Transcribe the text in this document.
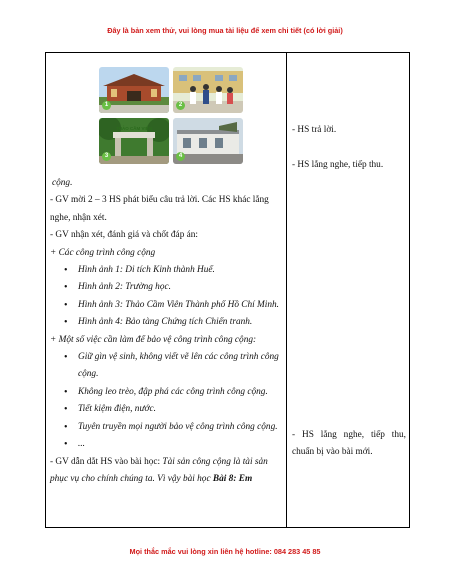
Đây là bản xem thử, vui lòng mua tài liệu để xem chi tiết (có lời giải)
1	2
THẢO CẦM VIÊN
3	4

cộng.

- GV mời 2 – 3 HS phát biểu câu trả lời. Các HS khác lắng nghe, nhận xét.

- GV nhận xét, đánh giá và chốt đáp án:

+ Các công trình công cộng

• Hình ảnh 1: Di tích Kinh thành Huế.
• Hình ảnh 2: Trường học.
• Hình ảnh 3: Thảo Cầm Viên Thành phố Hồ Chí Minh.
• Hình ảnh 4: Bảo tàng Chứng tích Chiến tranh.

+ Một số việc cần làm để bảo vệ công trình công cộng:

• Giữ gìn vệ sinh, không viết vẽ lên các công trình công cộng.
• Không leo trèo, đập phá các công trình công cộng.
• Tiết kiệm điện, nước.
• Tuyên truyền mọi người bảo vệ công trình công cộng.
• ...

- GV dẫn dắt HS vào bài học: Tài sản công cộng là tài sản phục vụ cho chính chúng ta. Vì vậy bài học Bài 8: Em

- HS trả lời.
- HS lắng nghe, tiếp thu.
- HS lắng nghe, tiếp thu, chuẩn bị vào bài mới.
Mọi thắc mắc vui lòng xin liên hệ hotline: 084 283 45 85
